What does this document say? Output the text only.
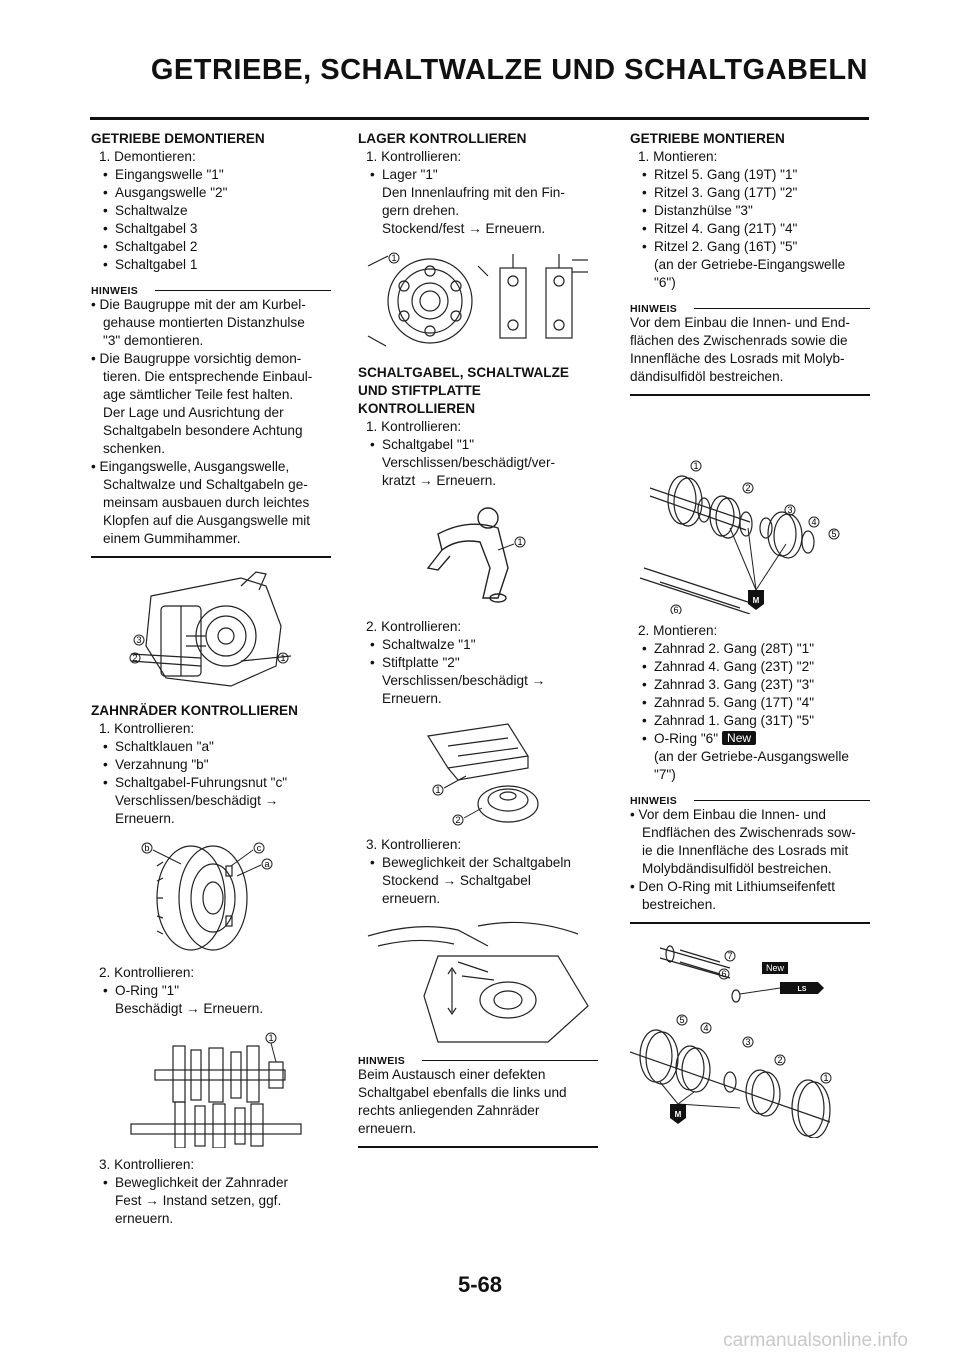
GETRIEBE, SCHALTWALZE UND SCHALTGABELN

GETRIEBE DEMONTIEREN

1. Demontieren:

• Eingangswelle "1"

• Ausgangswelle "2"

• Schaltwalze

• Schaltgabel 3

• Schaltgabel 2

• Schaltgabel 1

HINWEIS

• Die Baugruppe mit der am Kurbel-

gehause montierten Distanzhulse

"3" demontieren.

• Die Baugruppe vorsichtig demon-

tieren. Die entsprechende Einbaul-

age sämtlicher Teile fest halten.

Der Lage und Ausrichtung der

Schaltgabeln besondere Achtung

schenken.

• Eingangswelle, Ausgangswelle,

Schaltwalze und Schaltgabeln ge-

meinsam ausbauen durch leichtes

Klopfen auf die Ausgangswelle mit

einem Gummihammer.

1
2
3

ZAHNRÄDER KONTROLLIEREN

1. Kontrollieren:

• Schaltklauen "a"

• Verzahnung "b"

• Schaltgabel-Fuhrungsnut "c"

Verschlissen/beschädigt →

Erneuern.

b	c
a

2. Kontrollieren:

• O-Ring "1"

Beschädigt → Erneuern.

1

3. Kontrollieren:

• Beweglichkeit der Zahnrader

Fest → Instand setzen, ggf.

erneuern.

LAGER KONTROLLIEREN

1. Kontrollieren:

• Lager "1"

Den Innenlaufring mit den Fin-

gern drehen.

Stockend/fest → Erneuern.

1

SCHALTGABEL, SCHALTWALZE

UND STIFTPLATTE

KONTROLLIEREN

1. Kontrollieren:

• Schaltgabel "1"

Verschlissen/beschädigt/ver-

kratzt → Erneuern.

1

2. Kontrollieren:

• Schaltwalze "1"

• Stiftplatte "2"

Verschlissen/beschädigt →

Erneuern.

1
2

3. Kontrollieren:

• Beweglichkeit der Schaltgabeln

Stockend → Schaltgabel

erneuern.

HINWEIS

Beim Austausch einer defekten

Schaltgabel ebenfalls die links und

rechts anliegenden Zahnräder

erneuern.

GETRIEBE MONTIEREN

1. Montieren:

• Ritzel 5. Gang (19T) "1"

• Ritzel 3. Gang (17T) "2"

• Distanzhülse "3"

• Ritzel 4. Gang (21T) "4"

• Ritzel 2. Gang (16T) "5"

(an der Getriebe-Eingangswelle

"6")

HINWEIS

Vor dem Einbau die Innen- und End-

flächen des Zwischenrads sowie die

Innenfläche des Losrads mit Molyb-

dändisulfidöl bestreichen.

1
2
3
4
5
6
M

2. Montieren:

• Zahnrad 2. Gang (28T) "1"

• Zahnrad 4. Gang (23T) "2"

• Zahnrad 3. Gang (23T) "3"

• Zahnrad 5. Gang (17T) "4"

• Zahnrad 1. Gang (31T) "5"

• O-Ring "6" New

(an der Getriebe-Ausgangswelle

"7")

HINWEIS

• Vor dem Einbau die Innen- und

Endflächen des Zwischenrads sow-

ie die Innenfläche des Losrads mit

Molybdändisulfidöl bestreichen.

• Den O-Ring mit Lithiumseifenfett

bestreichen.

1
2
3
4
5
6
7
New
LS
M
5-68
carmanualsonline.info
